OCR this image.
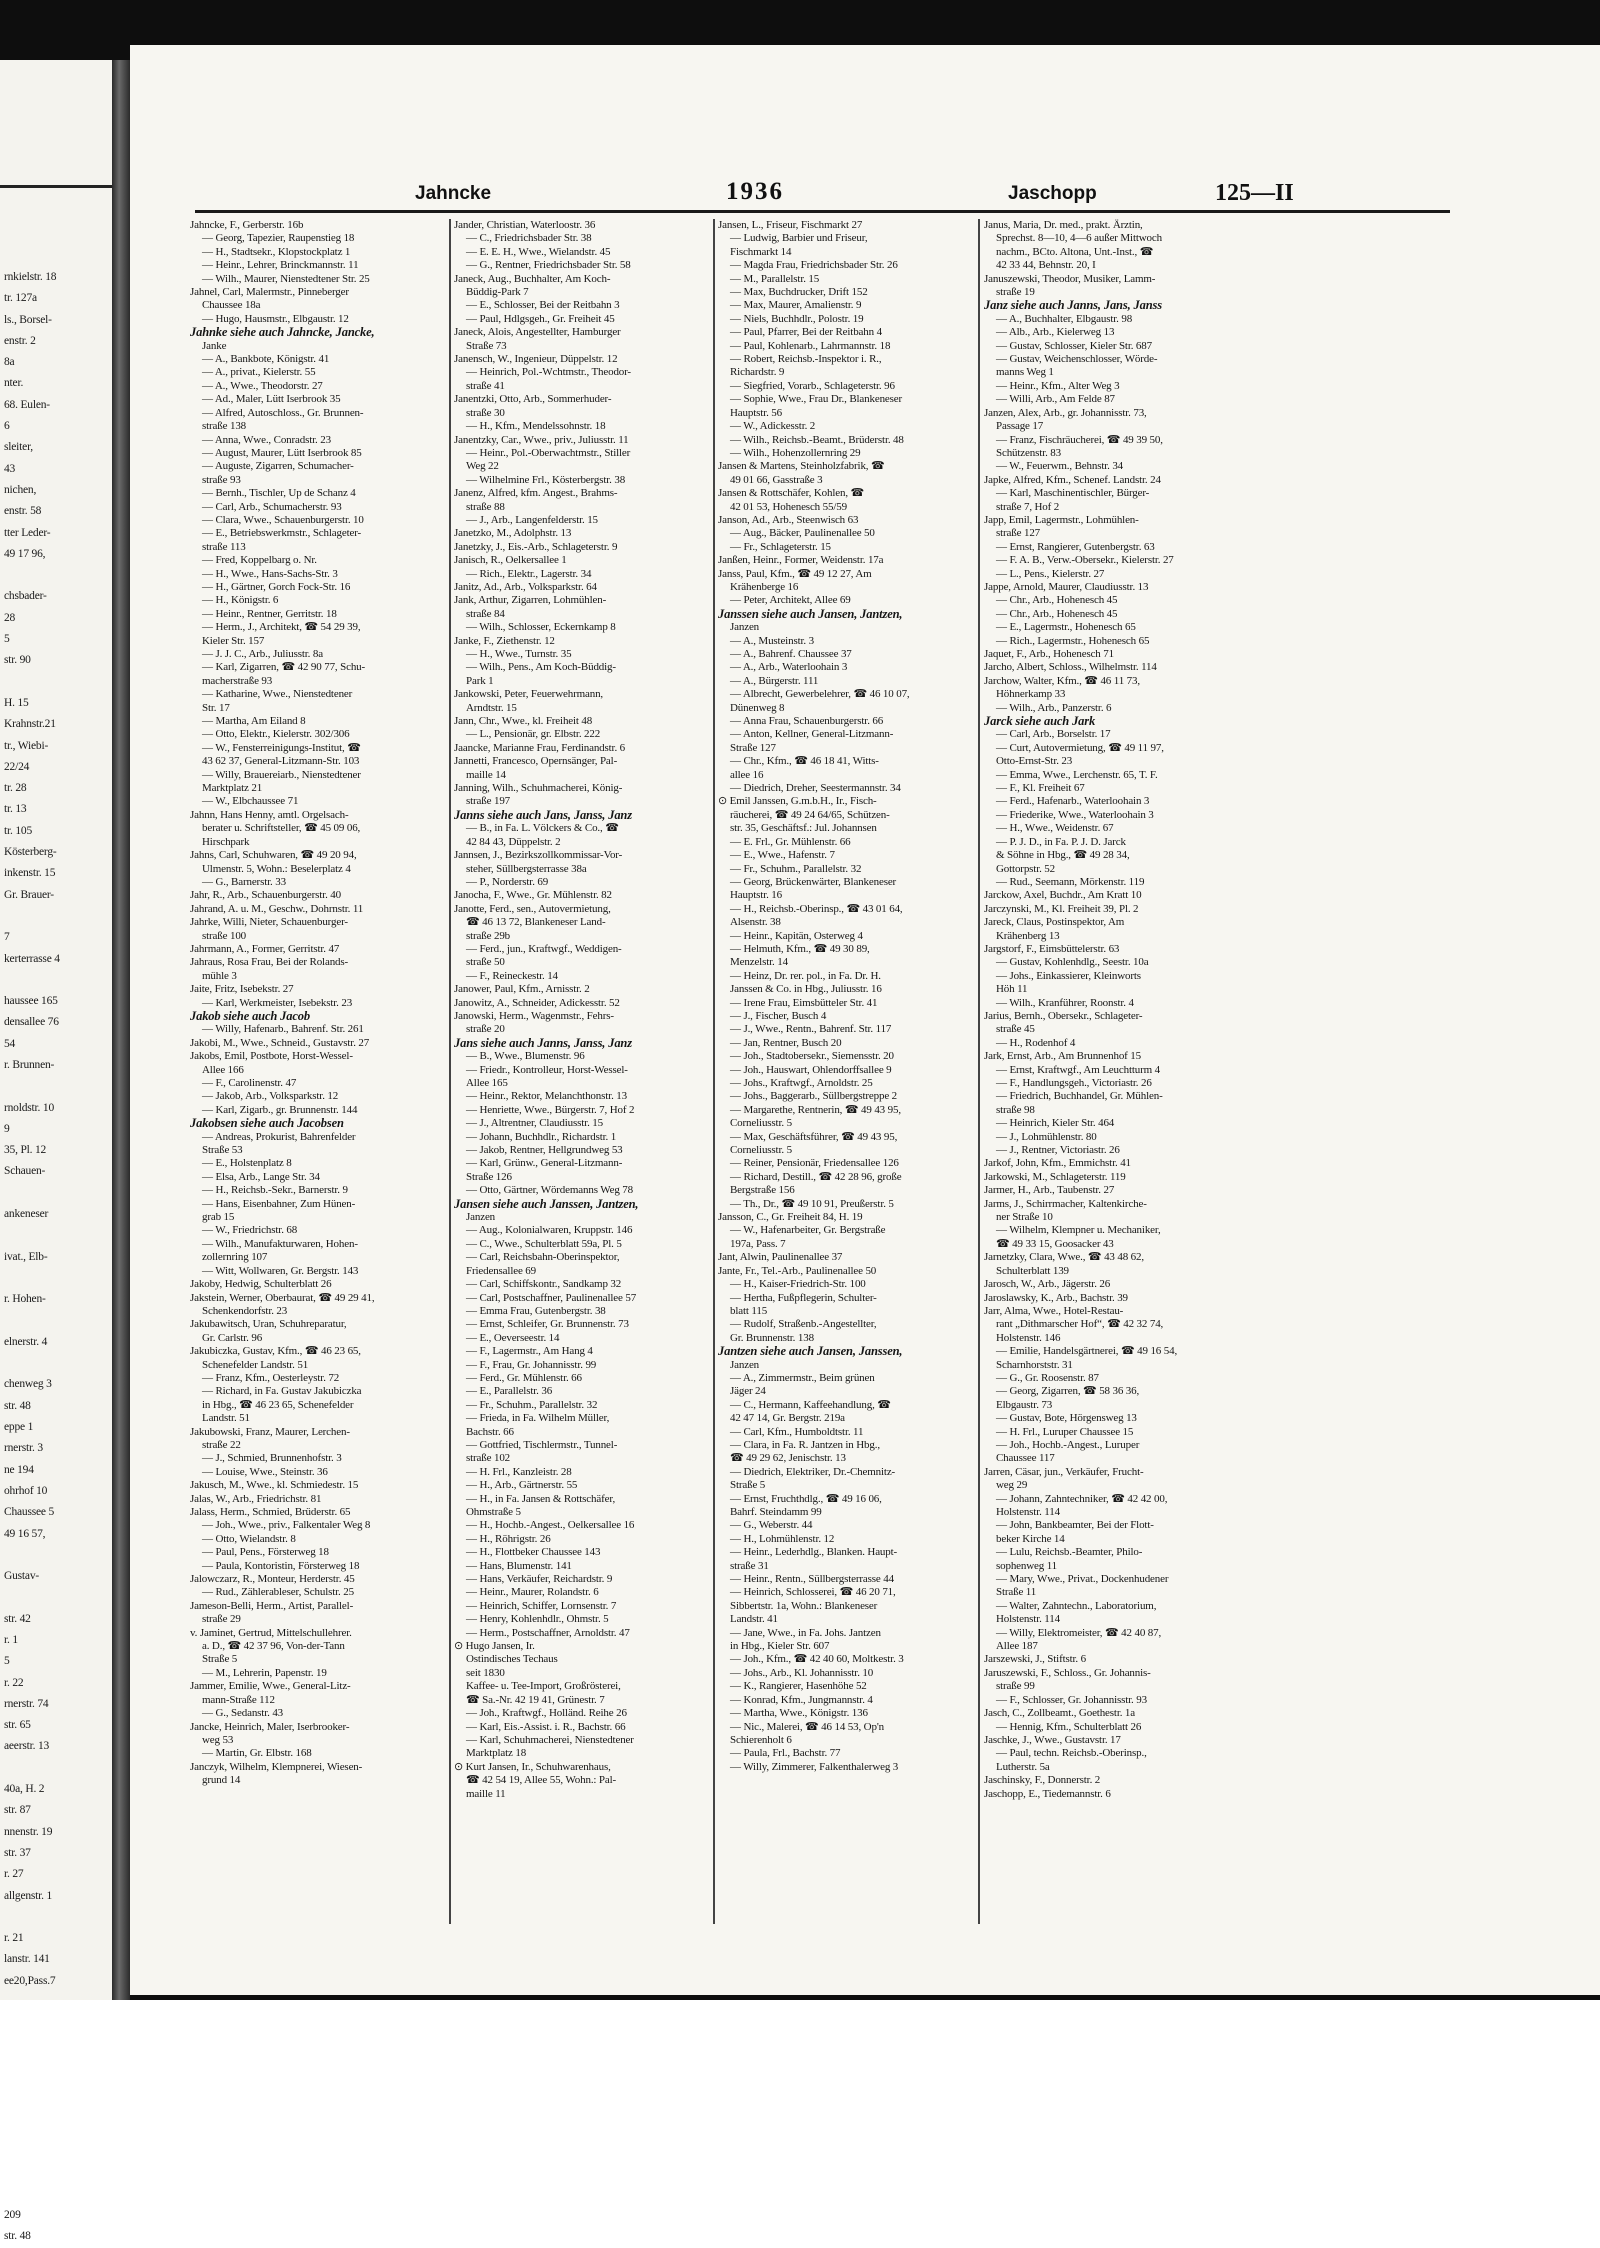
rnkielstr. 18
tr. 127a
ls., Borsel-
enstr. 2
8a
nter.
68. Eulen-
6
sleiter,
43
nichen,
enstr. 58
tter Leder-
49 17 96,

chsbader-
28
5
str. 90

H. 15
Krahnstr.21
tr., Wiebi-
22/24
tr. 28
tr. 13
tr. 105
Kösterberg-
inkenstr. 15
Gr. Brauer-

7
kerterrasse 4

haussee 165
densallee 76
54
r. Brunnen-

rnoldstr. 10
9
35, Pl. 12
Schauen-

ankeneser

ivat., Elb-

r. Hohen-

elnerstr. 4

chenweg 3
str. 48
eppe 1
rnerstr. 3
ne 194
ohrhof 10
Chaussee 5
49 16 57,

Gustav-

str. 42
r. 1
5
r. 22
rnerstr. 74
str. 65
aeerstr. 13

40a, H. 2
str. 87
nnenstr. 19
str. 37
r. 27
allgenstr. 1

r. 21
lanstr. 141
ee20,Pass.7

209
str. 48
Jahncke	1936	Jaschopp	125—II
Jahncke, F., Gerberstr. 16b
— Georg, Tapezier, Raupenstieg 18
— H., Stadtsekr., Klopstockplatz 1
— Heinr., Lehrer, Brinckmannstr. 11
— Wilh., Maurer, Nienstedtener Str. 25
Jahnel, Carl, Malermstr., Pinneberger
Chaussee 18a
— Hugo, Hausmstr., Elbgaustr. 12
Jahnke siehe auch Jahncke, Jancke,
Janke
— A., Bankbote, Königstr. 41
— A., privat., Kielerstr. 55
— A., Wwe., Theodorstr. 27
— Ad., Maler, Lütt Iserbrook 35
— Alfred, Autoschloss., Gr. Brunnen-
straße 138
— Anna, Wwe., Conradstr. 23
— August, Maurer, Lütt Iserbrook 85
— Auguste, Zigarren, Schumacher-
straße 93
— Bernh., Tischler, Up de Schanz 4
— Carl, Arb., Schumacherstr. 93
— Clara, Wwe., Schauenburgerstr. 10
— E., Betriebswerkmstr., Schlageter-
straße 113
— Fred, Koppelbarg o. Nr.
— H., Wwe., Hans-Sachs-Str. 3
— H., Gärtner, Gorch Fock-Str. 16
— H., Königstr. 6
— Heinr., Rentner, Gerritstr. 18
— Herm., J., Architekt, ☎ 54 29 39,
Kieler Str. 157
— J. J. C., Arb., Juliusstr. 8a
— Karl, Zigarren, ☎ 42 90 77, Schu-
macherstraße 93
— Katharine, Wwe., Nienstedtener
Str. 17
— Martha, Am Eiland 8
— Otto, Elektr., Kielerstr. 302/306
— W., Fensterreinigungs-Institut, ☎
43 62 37, General-Litzmann-Str. 103
— Willy, Brauereiarb., Nienstedtener
Marktplatz 21
— W., Elbchaussee 71
Jahnn, Hans Henny, amtl. Orgelsach-
berater u. Schriftsteller, ☎ 45 09 06,
Hirschpark
Jahns, Carl, Schuhwaren, ☎ 49 20 94,
Ulmenstr. 5, Wohn.: Beselerplatz 4
— G., Barnerstr. 33
Jahr, R., Arb., Schauenburgerstr. 40
Jahrand, A. u. M., Geschw., Dohrnstr. 11
Jahrke, Willi, Nieter, Schauenburger-
straße 100
Jahrmann, A., Former, Gerritstr. 47
Jahraus, Rosa Frau, Bei der Rolands-
mühle 3
Jaite, Fritz, Isebekstr. 27
— Karl, Werkmeister, Isebekstr. 23
Jakob siehe auch Jacob
— Willy, Hafenarb., Bahrenf. Str. 261
Jakobi, M., Wwe., Schneid., Gustavstr. 27
Jakobs, Emil, Postbote, Horst-Wessel-
Allee 166
— F., Carolinenstr. 47
— Jakob, Arb., Volksparkstr. 12
— Karl, Zigarb., gr. Brunnenstr. 144
Jakobsen siehe auch Jacobsen
— Andreas, Prokurist, Bahrenfelder
Straße 53
— E., Holstenplatz 8
— Elsa, Arb., Lange Str. 34
— H., Reichsb.-Sekr., Barnerstr. 9
— Hans, Eisenbahner, Zum Hünen-
grab 15
— W., Friedrichstr. 68
— Wilh., Manufakturwaren, Hohen-
zollernring 107
— Witt, Wollwaren, Gr. Bergstr. 143
Jakoby, Hedwig, Schulterblatt 26
Jakstein, Werner, Oberbaurat, ☎ 49 29 41,
Schenkendorfstr. 23
Jakubawitsch, Uran, Schuhreparatur,
Gr. Carlstr. 96
Jakubiczka, Gustav, Kfm., ☎ 46 23 65,
Schenefelder Landstr. 51
— Franz, Kfm., Oesterleystr. 72
— Richard, in Fa. Gustav Jakubiczka
in Hbg., ☎ 46 23 65, Schenefelder
Landstr. 51
Jakubowski, Franz, Maurer, Lerchen-
straße 22
— J., Schmied, Brunnenhofstr. 3
— Louise, Wwe., Steinstr. 36
Jakusch, M., Wwe., kl. Schmiedestr. 15
Jalas, W., Arb., Friedrichstr. 81
Jalass, Herm., Schmied, Brüderstr. 65
— Joh., Wwe., priv., Falkentaler Weg 8
— Otto, Wielandstr. 8
— Paul, Pens., Försterweg 18
— Paula, Kontoristin, Försterweg 18
Jalowczarz, R., Monteur, Herderstr. 45
— Rud., Zählerableser, Schulstr. 25
Jameson-Belli, Herm., Artist, Parallel-
straße 29
v. Jaminet, Gertrud, Mittelschullehrer.
a. D., ☎ 42 37 96, Von-der-Tann
Straße 5
— M., Lehrerin, Papenstr. 19
Jammer, Emilie, Wwe., General-Litz-
mann-Straße 112
— G., Sedanstr. 43
Jancke, Heinrich, Maler, Iserbrooker-
weg 53
— Martin, Gr. Elbstr. 168
Janczyk, Wilhelm, Klempnerei, Wiesen-
grund 14
Jander, Christian, Waterloostr. 36
— C., Friedrichsbader Str. 38
— E. E. H., Wwe., Wielandstr. 45
— G., Rentner, Friedrichsbader Str. 58
Janeck, Aug., Buchhalter, Am Koch-
Büddig-Park 7
— E., Schlosser, Bei der Reitbahn 3
— Paul, Hdlgsgeh., Gr. Freiheit 45
Janeck, Alois, Angestellter, Hamburger
Straße 73
Janensch, W., Ingenieur, Düppelstr. 12
— Heinrich, Pol.-Wchtmstr., Theodor-
straße 41
Janentzki, Otto, Arb., Sommerhuder-
straße 30
— H., Kfm., Mendelssohnstr. 18
Janentzky, Car., Wwe., priv., Juliusstr. 11
— Heinr., Pol.-Oberwachtmstr., Stiller
Weg 22
— Wilhelmine Frl., Kösterbergstr. 38
Janenz, Alfred, kfm. Angest., Brahms-
straße 88
— J., Arb., Langenfelderstr. 15
Janetzko, M., Adolphstr. 13
Janetzky, J., Eis.-Arb., Schlageterstr. 9
Janisch, R., Oelkersallee 1
— Rich., Elektr., Lagerstr. 34
Janitz, Ad., Arb., Volksparkstr. 64
Jank, Arthur, Zigarren, Lohmühlen-
straße 84
— Wilh., Schlosser, Eckernkamp 8
Janke, F., Ziethenstr. 12
— H., Wwe., Turnstr. 35
— Wilh., Pens., Am Koch-Büddig-
Park 1
Jankowski, Peter, Feuerwehrmann,
Arndtstr. 15
Jann, Chr., Wwe., kl. Freiheit 48
— L., Pensionär, gr. Elbstr. 222
Jaancke, Marianne Frau, Ferdinandstr. 6
Jannetti, Francesco, Opernsänger, Pal-
maille 14
Janning, Wilh., Schuhmacherei, König-
straße 197
Janns siehe auch Jans, Janss, Janz
— B., in Fa. L. Völckers & Co., ☎
42 84 43, Düppelstr. 2
Jannsen, J., Bezirkszollkommissar-Vor-
steher, Süllbergsterrasse 38a
— P., Norderstr. 69
Janocha, F., Wwe., Gr. Mühlenstr. 82
Janotte, Ferd., sen., Autovermietung,
☎ 46 13 72, Blankeneser Land-
straße 29b
— Ferd., jun., Kraftwgf., Weddigen-
straße 50
— F., Reineckestr. 14
Janower, Paul, Kfm., Arnisstr. 2
Janowitz, A., Schneider, Adickesstr. 52
Janowski, Herm., Wagenmstr., Fehrs-
straße 20
Jans siehe auch Janns, Janss, Janz
— B., Wwe., Blumenstr. 96
— Friedr., Kontrolleur, Horst-Wessel-
Allee 165
— Heinr., Rektor, Melanchthonstr. 13
— Henriette, Wwe., Bürgerstr. 7, Hof 2
— J., Altrentner, Claudiusstr. 15
— Johann, Buchhdlr., Richardstr. 1
— Jakob, Rentner, Hellgrundweg 53
— Karl, Grünw., General-Litzmann-
Straße 126
— Otto, Gärtner, Wördemanns Weg 78
Jansen siehe auch Janssen, Jantzen,
Janzen
— Aug., Kolonialwaren, Kruppstr. 146
— C., Wwe., Schulterblatt 59a, Pl. 5
— Carl, Reichsbahn-Oberinspektor,
Friedensallee 69
— Carl, Schiffskontr., Sandkamp 32
— Carl, Postschaffner, Paulinenallee 57
— Emma Frau, Gutenbergstr. 38
— Ernst, Schleifer, Gr. Brunnenstr. 73
— E., Oeverseestr. 14
— F., Lagermstr., Am Hang 4
— F., Frau, Gr. Johannisstr. 99
— Ferd., Gr. Mühlenstr. 66
— E., Parallelstr. 36
— Fr., Schuhm., Parallelstr. 32
— Frieda, in Fa. Wilhelm Müller,
Bachstr. 66
— Gottfried, Tischlermstr., Tunnel-
straße 102
— H. Frl., Kanzleistr. 28
— H., Arb., Gärtnerstr. 55
— H., in Fa. Jansen & Rottschäfer,
Ohmstraße 5
— H., Hochb.-Angest., Oelkersallee 16
— H., Röhrigstr. 26
— H., Flottbeker Chaussee 143
— Hans, Blumenstr. 141
— Hans, Verkäufer, Reichardstr. 9
— Heinr., Maurer, Rolandstr. 6
— Heinrich, Schiffer, Lornsenstr. 7
— Henry, Kohlenhdlr., Ohmstr. 5
— Herm., Postschaffner, Arnoldstr. 47
⊙ Hugo Jansen, Ir.
Ostindisches Techaus
seit 1830
Kaffee- u. Tee-Import, Großrösterei,
☎ Sa.-Nr. 42 19 41, Grünestr. 7
— Joh., Kraftwgf., Holländ. Reihe 26
— Karl, Eis.-Assist. i. R., Bachstr. 66
— Karl, Schuhmacherei, Nienstedtener
Marktplatz 18
⊙ Kurt Jansen, Ir., Schuhwarenhaus,
☎ 42 54 19, Allee 55, Wohn.: Pal-
maille 11
Jansen, L., Friseur, Fischmarkt 27
— Ludwig, Barbier und Friseur,
Fischmarkt 14
— Magda Frau, Friedrichsbader Str. 26
— M., Parallelstr. 15
— Max, Buchdrucker, Drift 152
— Max, Maurer, Amalienstr. 9
— Niels, Buchhdlr., Polostr. 19
— Paul, Pfarrer, Bei der Reitbahn 4
— Paul, Kohlenarb., Lahrmannstr. 18
— Robert, Reichsb.-Inspektor i. R.,
Richardstr. 9
— Siegfried, Vorarb., Schlageterstr. 96
— Sophie, Wwe., Frau Dr., Blankeneser
Hauptstr. 56
— W., Adickesstr. 2
— Wilh., Reichsb.-Beamt., Brüderstr. 48
— Wilh., Hohenzollernring 29
Jansen & Martens, Steinholzfabrik, ☎
49 01 66, Gasstraße 3
Jansen & Rottschäfer, Kohlen, ☎
42 01 53, Hohenesch 55/59
Janson, Ad., Arb., Steenwisch 63
— Aug., Bäcker, Paulinenallee 50
— Fr., Schlageterstr. 15
Janßen, Heinr., Former, Weidenstr. 17a
Janss, Paul, Kfm., ☎ 49 12 27, Am
Krähenberge 16
— Peter, Architekt, Allee 69
Janssen siehe auch Jansen, Jantzen,
Janzen
— A., Musteinstr. 3
— A., Bahrenf. Chaussee 37
— A., Arb., Waterloohain 3
— A., Bürgerstr. 111
— Albrecht, Gewerbelehrer, ☎ 46 10 07,
Dünenweg 8
— Anna Frau, Schauenburgerstr. 66
— Anton, Kellner, General-Litzmann-
Straße 127
— Chr., Kfm., ☎ 46 18 41, Witts-
allee 16
— Diedrich, Dreher, Seestermannstr. 34
⊙ Emil Janssen, G.m.b.H., Ir., Fisch-
räucherei, ☎ 49 24 64/65, Schützen-
str. 35, Geschäftsf.: Jul. Johannsen
— E. Frl., Gr. Mühlenstr. 66
— E., Wwe., Hafenstr. 7
— Fr., Schuhm., Parallelstr. 32
— Georg, Brückenwärter, Blankeneser
Hauptstr. 16
— H., Reichsb.-Oberinsp., ☎ 43 01 64,
Alsenstr. 38
— Heinr., Kapitän, Osterweg 4
— Helmuth, Kfm., ☎ 49 30 89,
Menzelstr. 14
— Heinz, Dr. rer. pol., in Fa. Dr. H.
Janssen & Co. in Hbg., Juliusstr. 16
— Irene Frau, Eimsbütteler Str. 41
— J., Fischer, Busch 4
— J., Wwe., Rentn., Bahrenf. Str. 117
— Jan, Rentner, Busch 20
— Joh., Stadtobersekr., Siemensstr. 20
— Joh., Hauswart, Ohlendorffsallee 9
— Johs., Kraftwgf., Arnoldstr. 25
— Johs., Baggerarb., Süllbergstreppe 2
— Margarethe, Rentnerin, ☎ 49 43 95,
Corneliusstr. 5
— Max, Geschäftsführer, ☎ 49 43 95,
Corneliusstr. 5
— Reiner, Pensionär, Friedensallee 126
— Richard, Destill., ☎ 42 28 96, große
Bergstraße 156
— Th., Dr., ☎ 49 10 91, Preußerstr. 5
Jansson, C., Gr. Freiheit 84, H. 19
— W., Hafenarbeiter, Gr. Bergstraße
197a, Pass. 7
Jant, Alwin, Paulinenallee 37
Jante, Fr., Tel.-Arb., Paulinenallee 50
— H., Kaiser-Friedrich-Str. 100
— Hertha, Fußpflegerin, Schulter-
blatt 115
— Rudolf, Straßenb.-Angestellter,
Gr. Brunnenstr. 138
Jantzen siehe auch Jansen, Janssen,
Janzen
— A., Zimmermstr., Beim grünen
Jäger 24
— C., Hermann, Kaffeehandlung, ☎
42 47 14, Gr. Bergstr. 219a
— Carl, Kfm., Humboldtstr. 11
— Clara, in Fa. R. Jantzen in Hbg.,
☎ 49 29 62, Jenischstr. 13
— Diedrich, Elektriker, Dr.-Chemnitz-
Straße 5
— Ernst, Fruchthdlg., ☎ 49 16 06,
Bahrf. Steindamm 99
— G., Weberstr. 44
— H., Lohmühlenstr. 12
— Heinr., Lederhdlg., Blanken. Haupt-
straße 31
— Heinr., Rentn., Süllbergsterrasse 44
— Heinrich, Schlosserei, ☎ 46 20 71,
Sibbertstr. 1a, Wohn.: Blankeneser
Landstr. 41
— Jane, Wwe., in Fa. Johs. Jantzen
in Hbg., Kieler Str. 607
— Joh., Kfm., ☎ 42 40 60, Moltkestr. 3
— Johs., Arb., Kl. Johannisstr. 10
— K., Rangierer, Hasenhöhe 52
— Konrad, Kfm., Jungmannstr. 4
— Martha, Wwe., Königstr. 136
— Nic., Malerei, ☎ 46 14 53, Op'n
Schierenholt 6
— Paula, Frl., Bachstr. 77
— Willy, Zimmerer, Falkenthalerweg 3
Janus, Maria, Dr. med., prakt. Ärztin,
Sprechst. 8—10, 4—6 außer Mittwoch
nachm., BCto. Altona, Unt.-Inst., ☎
42 33 44, Behnstr. 20, I
Januszewski, Theodor, Musiker, Lamm-
straße 19
Janz siehe auch Janns, Jans, Janss
— A., Buchhalter, Elbgaustr. 98
— Alb., Arb., Kielerweg 13
— Gustav, Schlosser, Kieler Str. 687
— Gustav, Weichenschlosser, Wörde-
manns Weg 1
— Heinr., Kfm., Alter Weg 3
— Willi, Arb., Am Felde 87
Janzen, Alex, Arb., gr. Johannisstr. 73,
Passage 17
— Franz, Fischräucherei, ☎ 49 39 50,
Schützenstr. 83
— W., Feuerwm., Behnstr. 34
Japke, Alfred, Kfm., Schenef. Landstr. 24
— Karl, Maschinentischler, Bürger-
straße 7, Hof 2
Japp, Emil, Lagermstr., Lohmühlen-
straße 127
— Ernst, Rangierer, Gutenbergstr. 63
— F. A. B., Verw.-Obersekr., Kielerstr. 27
— L., Pens., Kielerstr. 27
Jappe, Arnold, Maurer, Claudiusstr. 13
— Chr., Arb., Hohenesch 45
— Chr., Arb., Hohenesch 45
— E., Lagermstr., Hohenesch 65
— Rich., Lagermstr., Hohenesch 65
Jaquet, F., Arb., Hohenesch 71
Jarcho, Albert, Schloss., Wilhelmstr. 114
Jarchow, Walter, Kfm., ☎ 46 11 73,
Höhnerkamp 33
— Wilh., Arb., Panzerstr. 6
Jarck siehe auch Jark
— Carl, Arb., Borselstr. 17
— Curt, Autovermietung, ☎ 49 11 97,
Otto-Ernst-Str. 23
— Emma, Wwe., Lerchenstr. 65, T. F.
— F., Kl. Freiheit 67
— Ferd., Hafenarb., Waterloohain 3
— Friederike, Wwe., Waterloohain 3
— H., Wwe., Weidenstr. 67
— P. J. D., in Fa. P. J. D. Jarck
& Söhne in Hbg., ☎ 49 28 34,
Gottorpstr. 52
— Rud., Seemann, Mörkenstr. 119
Jarckow, Axel, Buchdr., Am Kratt 10
Jarczynski, M., Kl. Freiheit 39, Pl. 2
Jareck, Claus, Postinspektor, Am
Krähenberg 13
Jargstorf, F., Eimsbüttelerstr. 63
— Gustav, Kohlenhdlg., Seestr. 10a
— Johs., Einkassierer, Kleinworts
Höh 11
— Wilh., Kranführer, Roonstr. 4
Jarius, Bernh., Obersekr., Schlageter-
straße 45
— H., Rodenhof 4
Jark, Ernst, Arb., Am Brunnenhof 15
— Ernst, Kraftwgf., Am Leuchtturm 4
— F., Handlungsgeh., Victoriastr. 26
— Friedrich, Buchhandel, Gr. Mühlen-
straße 98
— Heinrich, Kieler Str. 464
— J., Lohmühlenstr. 80
— J., Rentner, Victoriastr. 26
Jarkof, John, Kfm., Emmichstr. 41
Jarkowski, M., Schlageterstr. 119
Jarmer, H., Arb., Taubenstr. 27
Jarms, J., Schirrmacher, Kaltenkirche-
ner Straße 10
— Wilhelm, Klempner u. Mechaniker,
☎ 49 33 15, Goosacker 43
Jarnetzky, Clara, Wwe., ☎ 43 48 62,
Schulterblatt 139
Jarosch, W., Arb., Jägerstr. 26
Jaroslawsky, K., Arb., Bachstr. 39
Jarr, Alma, Wwe., Hotel-Restau-
rant „Dithmarscher Hof“, ☎ 42 32 74,
Holstenstr. 146
— Emilie, Handelsgärtnerei, ☎ 49 16 54,
Scharnhorststr. 31
— G., Gr. Roosenstr. 87
— Georg, Zigarren, ☎ 58 36 36,
Elbgaustr. 73
— Gustav, Bote, Hörgensweg 13
— H. Frl., Luruper Chaussee 15
— Joh., Hochb.-Angest., Luruper
Chaussee 117
Jarren, Cäsar, jun., Verkäufer, Frucht-
weg 29
— Johann, Zahntechniker, ☎ 42 42 00,
Holstenstr. 114
— John, Bankbeamter, Bei der Flott-
beker Kirche 14
— Lulu, Reichsb.-Beamter, Philo-
sophenweg 11
— Mary, Wwe., Privat., Dockenhudener
Straße 11
— Walter, Zahntechn., Laboratorium,
Holstenstr. 114
— Willy, Elektromeister, ☎ 42 40 87,
Allee 187
Jarszewski, J., Stiftstr. 6
Jaruszewski, F., Schloss., Gr. Johannis-
straße 99
— F., Schlosser, Gr. Johannisstr. 93
Jasch, C., Zollbeamt., Goethestr. 1a
— Hennig, Kfm., Schulterblatt 26
Jaschke, J., Wwe., Gustavstr. 17
— Paul, techn. Reichsb.-Oberinsp.,
Lutherstr. 5a
Jaschinsky, F., Donnerstr. 2
Jaschopp, E., Tiedemannstr. 6
